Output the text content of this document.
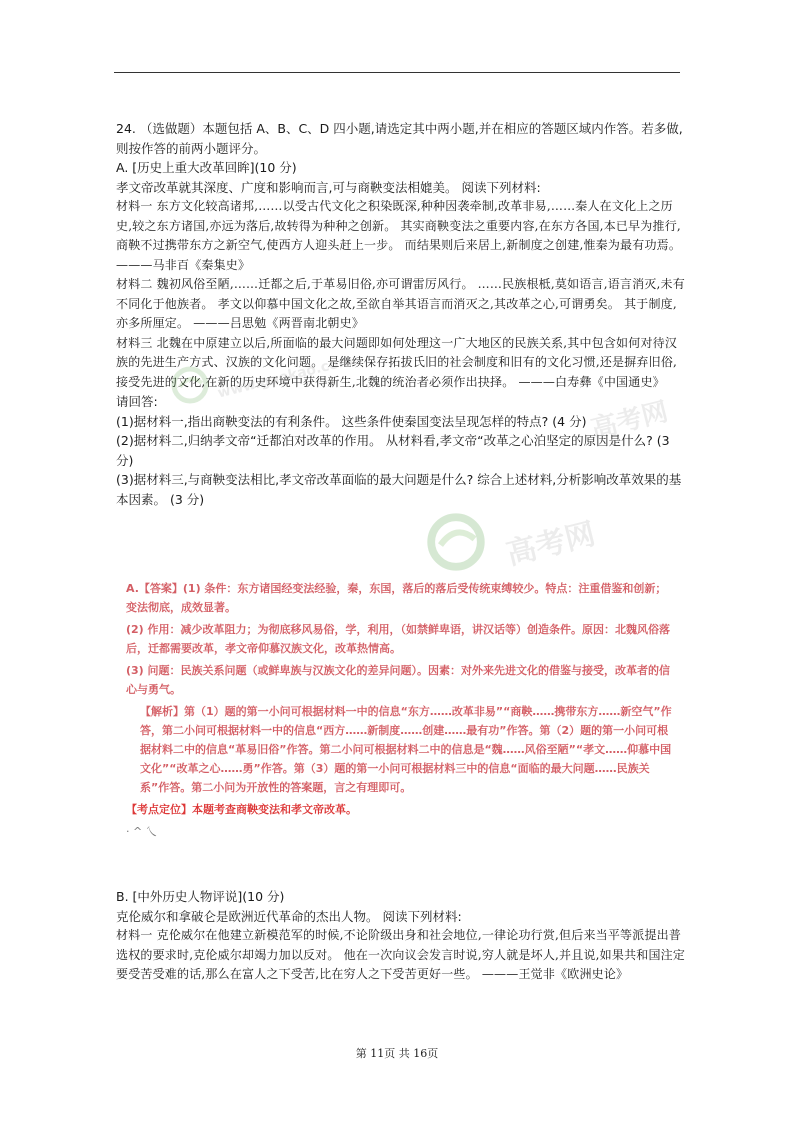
24. （选做题）本题包括 A、B、C、D 四小题,请选定其中两小题,并在相应的答题区域内作答。若多做,则按作答的前两小题评分。

A. [历史上重大改革回眸](10 分)

孝文帝改革就其深度、广度和影响而言,可与商鞅变法相媲美。 阅读下列材料:

材料一 东方文化较高诸邦,……以受古代文化之积染既深,种种因袭牵制,改革非易,……秦人在文化上之历史,较之东方诸国,亦远为落后,故转得为种种之创新。 其实商鞅变法之重要内容,在东方各国,本已早为推行,商鞅不过携带东方之新空气,使西方人迎头赶上一步。 而结果则后来居上,新制度之创建,惟秦为最有功焉。 ———马非百《秦集史》

材料二 魏初风俗至陋,……迁都之后,于革易旧俗,亦可谓雷厉风行。 ……民族根柢,莫如语言,语言消灭,未有不同化于他族者。 孝文以仰慕中国文化之故,至欲自举其语言而消灭之,其改革之心,可谓勇矣。 其于制度,亦多所厘定。 ———吕思勉《两晋南北朝史》

材料三 北魏在中原建立以后,所面临的最大问题即如何处理这一广大地区的民族关系,其中包含如何对待汉族的先进生产方式、汉族的文化问题。 是继续保存拓拔氏旧的社会制度和旧有的文化习惯,还是摒弃旧俗,接受先进的文化,在新的历史环境中获得新生,北魏的统治者必须作出抉择。 ———白寿彝《中国通史》

请回答:

(1)据材料一,指出商鞅变法的有利条件。 这些条件使秦国变法呈现怎样的特点? (4 分)

(2)据材料二,归纳孝文帝“迁都泊对改革的作用。 从材料看,孝文帝“改革之心泊坚定的原因是什么? (3 分)

(3)据材料三,与商鞅变法相比,孝文帝改革面临的最大问题是什么? 综合上述材料,分析影响改革效果的基本因素。 (3 分)

A.【答案】(1) 条件：东方诸国经变法经验，秦，东国，落后的落后受传统束缚较少。特点：注重借鉴和创新；变法彻底，成效显著。

(2) 作用：减少改革阻力；为彻底移风易俗，学，利用，（如禁鲜卑语，讲汉话等）创造条件。原因：北魏风俗落后，迁都需要改革，孝文帝仰慕汉族文化，改革热情高。

(3) 问题：民族关系问题（或鲜卑族与汉族文化的差异问题）。因素：对外来先进文化的借鉴与接受，改革者的信心与勇气。

【解析】第（1）题的第一小问可根据材料一中的信息“东方……改革非易”“商鞅……携带东方……新空气”作答，第二小问可根据材料一中的信息“西方……新制度……创建……最有功”作答。第（2）题的第一小问可根据材料二中的信息“革易旧俗”作答。第二小问可根据材料二中的信息是“魏……风俗至陋”“孝文……仰慕中国文化”“改革之心……勇”作答。第（3）题的第一小问可根据材料三中的信息“面临的最大问题……民族关系”作答。第二小问为开放性的答案题，言之有理即可。

【考点定位】本题考查商鞅变法和孝文帝改革。

· ^ 乀

B. [中外历史人物评说](10 分)

克伦威尔和拿破仑是欧洲近代革命的杰出人物。 阅读下列材料:

材料一 克伦威尔在他建立新模范军的时候,不论阶级出身和社会地位,一律论功行赏,但后来当平等派提出普选权的要求时,克伦威尔却竭力加以反对。 他在一次向议会发言时说,穷人就是坏人,并且说,如果共和国注定要受苦受难的话,那么在富人之下受苦,比在穷人之下受苦更好一些。 ———王觉非《欧洲史论》

第 11页 共 16页
www.gaokao.com
高考网
高考网
